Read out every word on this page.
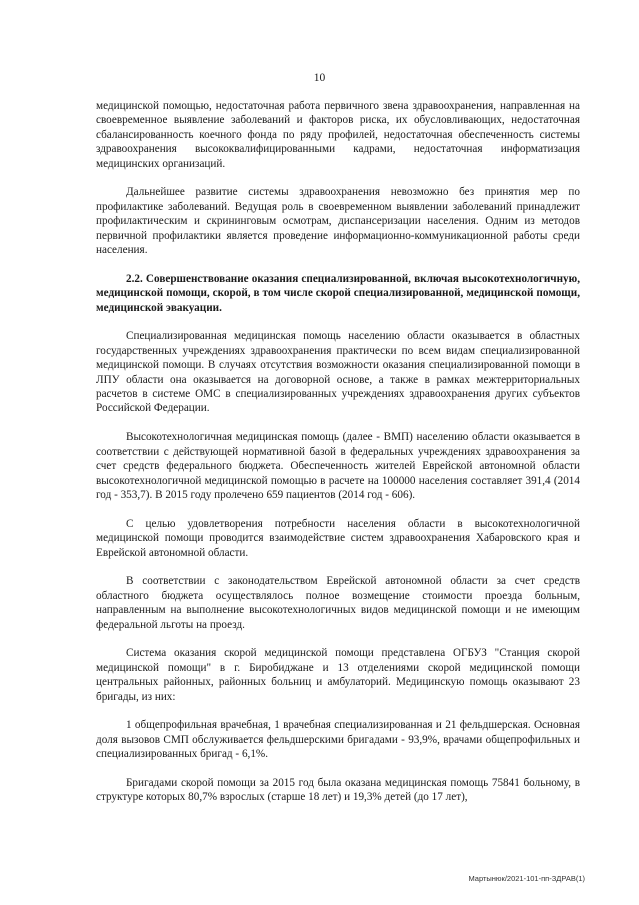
10

медицинской помощью, недостаточная работа первичного звена здравоохранения, направленная на своевременное выявление заболеваний и факторов риска, их обусловливающих, недостаточная сбалансированность коечного фонда по ряду профилей, недостаточная обеспеченность системы здравоохранения высококвалифицированными кадрами, недостаточная информатизация медицинских организаций.

Дальнейшее развитие системы здравоохранения невозможно без принятия мер по профилактике заболеваний. Ведущая роль в своевременном выявлении заболеваний принадлежит профилактическим и скрининговым осмотрам, диспансеризации населения. Одним из методов первичной профилактики является проведение информационно-коммуникационной работы среди населения.

2.2. Совершенствование оказания специализированной, включая высокотехнологичную, медицинской помощи, скорой, в том числе скорой специализированной, медицинской помощи, медицинской эвакуации.

Специализированная медицинская помощь населению области оказывается в областных государственных учреждениях здравоохранения практически по всем видам специализированной медицинской помощи. В случаях отсутствия возможности оказания специализированной помощи в ЛПУ области она оказывается на договорной основе, а также в рамках межтерриториальных расчетов в системе ОМС в специализированных учреждениях здравоохранения других субъектов Российской Федерации.

Высокотехнологичная медицинская помощь (далее - ВМП) населению области оказывается в соответствии с действующей нормативной базой в федеральных учреждениях здравоохранения за счет средств федерального бюджета. Обеспеченность жителей Еврейской автономной области высокотехнологичной медицинской помощью в расчете на 100000 населения составляет 391,4 (2014 год - 353,7). В 2015 году пролечено 659 пациентов (2014 год - 606).

С целью удовлетворения потребности населения области в высокотехнологичной медицинской помощи проводится взаимодействие систем здравоохранения Хабаровского края и Еврейской автономной области.

В соответствии с законодательством Еврейской автономной области за счет средств областного бюджета осуществлялось полное возмещение стоимости проезда больным, направленным на выполнение высокотехнологичных видов медицинской помощи и не имеющим федеральной льготы на проезд.

Система оказания скорой медицинской помощи представлена ОГБУЗ "Станция скорой медицинской помощи" в г. Биробиджане и 13 отделениями скорой медицинской помощи центральных районных, районных больниц и амбулаторий. Медицинскую помощь оказывают 23 бригады, из них:

1 общепрофильная врачебная, 1 врачебная специализированная и 21 фельдшерская. Основная доля вызовов СМП обслуживается фельдшерскими бригадами - 93,9%, врачами общепрофильных и специализированных бригад - 6,1%.

Бригадами скорой помощи за 2015 год была оказана медицинская помощь 75841 больному, в структуре которых 80,7% взрослых (старше 18 лет) и 19,3% детей (до 17 лет),

Мартынюк/2021-101-пп-ЗДРАВ(1)
